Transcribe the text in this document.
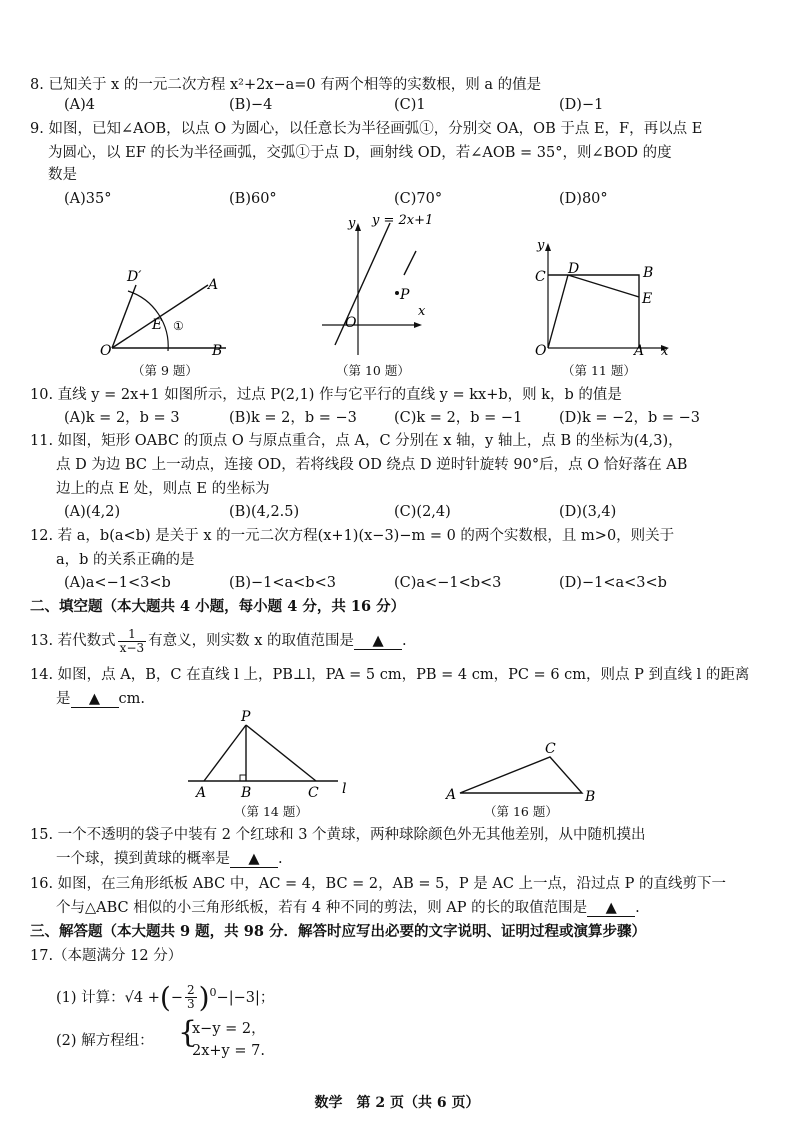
8. 已知关于 x 的一元二次方程 x²+2x−a=0 有两个相等的实数根，则 a 的值是
(A)4	(B)−4	(C)1	(D)−1
9. 如图，已知∠AOB，以点 O 为圆心，以任意长为半径画弧①，分别交 OA，OB 于点 E，F，再以点 E
为圆心，以 EF 的长为半径画弧，交弧①于点 D，画射线 OD，若∠AOB = 35°，则∠BOD 的度
数是
(A)35°	(B)60°	(C)70°	(D)80°
D′	A
E ①
O	B
y y = 2x+1
P
O
x
y
C D	B
E
O	A x
（第 9 题）	（第 10 题）	（第 11 题）
10. 直线 y = 2x+1 如图所示，过点 P(2,1) 作与它平行的直线 y = kx+b，则 k，b 的值是
(A)k = 2，b = 3	(B)k = 2，b = −3	(C)k = 2，b = −1	(D)k = −2，b = −3
11. 如图，矩形 OABC 的顶点 O 与原点重合，点 A，C 分别在 x 轴，y 轴上，点 B 的坐标为(4,3)，
点 D 为边 BC 上一动点，连接 OD，若将线段 OD 绕点 D 逆时针旋转 90°后，点 O 恰好落在 AB
边上的点 E 处，则点 E 的坐标为
(A)(4,2)	(B)(4,2.5)	(C)(2,4)	(D)(3,4)
12. 若 a，b(a<b) 是关于 x 的一元二次方程(x+1)(x−3)−m = 0 的两个实数根，且 m>0，则关于
a，b 的关系正确的是
(A)a<−1<3<b	(B)−1<a<b<3	(C)a<−1<b<3	(D)−1<a<3<b
二、填空题（本大题共 4 小题，每小题 4 分，共 16 分）
13. 若代数式 $\frac{1}{x-3}$ 有意义，则实数 x 的取值范围是 ▲ .
14. 如图，点 A，B，C 在直线 l 上，PB⊥l，PA = 5 cm，PB = 4 cm，PC = 6 cm，则点 P 到直线 l 的距离
是 ▲ cm.
P
A B	C l	A
C
B
（第 14 题）	（第 16 题）
15. 一个不透明的袋子中装有 2 个红球和 3 个黄球，两种球除颜色外无其他差别，从中随机摸出
一个球，摸到黄球的概率是 ▲ .
16. 如图，在三角形纸板 ABC 中，AC = 4，BC = 2，AB = 5，P 是 AC 上一点，沿过点 P 的直线剪下一
个与△ABC 相似的小三角形纸板，若有 4 种不同的剪法，则 AP 的长的取值范围是 ▲ .
三、解答题（本大题共 9 题，共 98 分．解答时应写出必要的文字说明、证明过程或演算步骤）
17.（本题满分 12 分）
(1) 计算：√4 +(− $\frac{2}{3} )^0-|-3|$；
(2) 解方程组： {
x−y = 2，
2x+y = 7.
数学　第 2 页（共 6 页）
